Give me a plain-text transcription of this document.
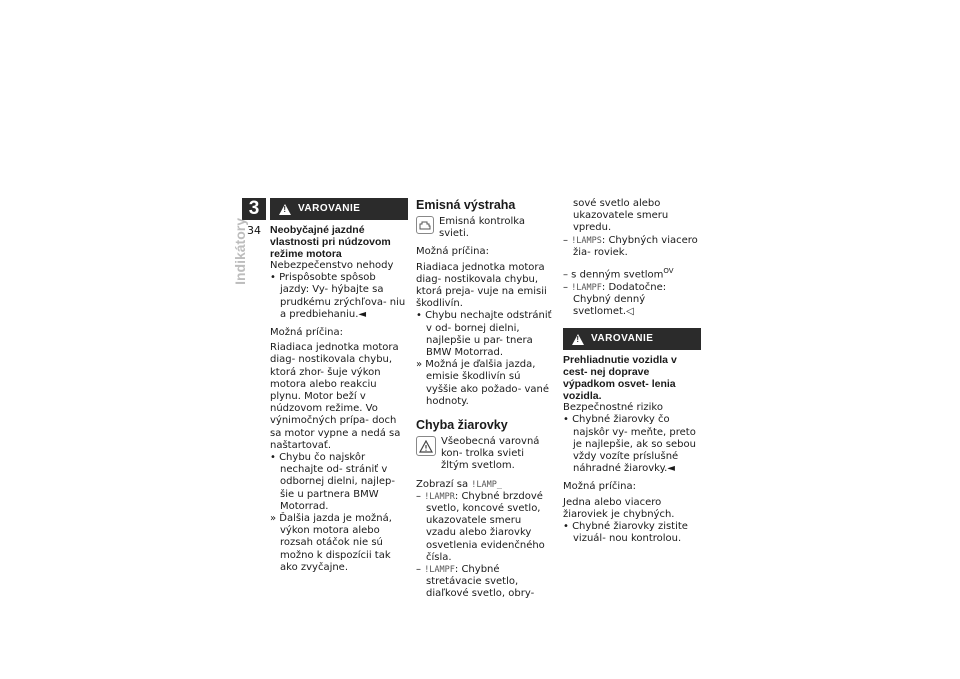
3
34
Indikátory
! VAROVANIE

Neobyčajné jazdné vlastnosti pri núdzovom režime motora

Nebezpečenstvo nehody

• Prispôsobte spôsob jazdy: Vy- hýbajte sa prudkému zrýchľova- niu a predbiehaniu.◄

Možná príčina:

Riadiaca jednotka motora diag- nostikovala chybu, ktorá zhor- šuje výkon motora alebo reakciu plynu. Motor beží v núdzovom režime. Vo výnimočných prípa- doch sa motor vypne a nedá sa naštartovať.

• Chybu čo najskôr nechajte od- strániť v odbornej dielni, najlep- šie u partnera BMW Motorrad.

» Ďalšia jazda je možná, výkon motora alebo rozsah otáčok nie sú možno k dispozícii tak ako zvyčajne.

Emisná výstraha

Emisná kontrolka svieti.

Možná príčina:

Riadiaca jednotka motora diag- nostikovala chybu, ktorá preja- vuje na emisii škodlivín.

• Chybu nechajte odstrániť v od- bornej dielni, najlepšie u par- tnera BMW Motorrad.

» Možná je ďalšia jazda, emisie škodlivín sú vyššie ako požado- vané hodnoty.

Chyba žiarovky

Všeobecná varovná kon- trolka svieti žltým svetlom.

Zobrazí sa !LAMP_

– !LAMPR: Chybné brzdové svetlo, koncové svetlo, ukazovatele smeru vzadu alebo žiarovky osvetlenia evidenčného čísla.

– !LAMPF: Chybné stretávacie svetlo, diaľkové svetlo, obry-

sové svetlo alebo ukazovatele smeru vpredu.

– !LAMPS: Chybných viacero žia- roviek.

– s denným svetlom$^{OV}$

– !LAMPF: Dodatočne: Chybný denný svetlomet.◁

! VAROVANIE

Prehliadnutie vozidla v cest- nej doprave výpadkom osvet- lenia vozidla.

Bezpečnostné riziko

• Chybné žiarovky čo najskôr vy- meňte, preto je najlepšie, ak so sebou vždy vozíte príslušné náhradné žiarovky.◄

Možná príčina:

Jedna alebo viacero žiaroviek je chybných.

• Chybné žiarovky zistite vizuál- nou kontrolou.
